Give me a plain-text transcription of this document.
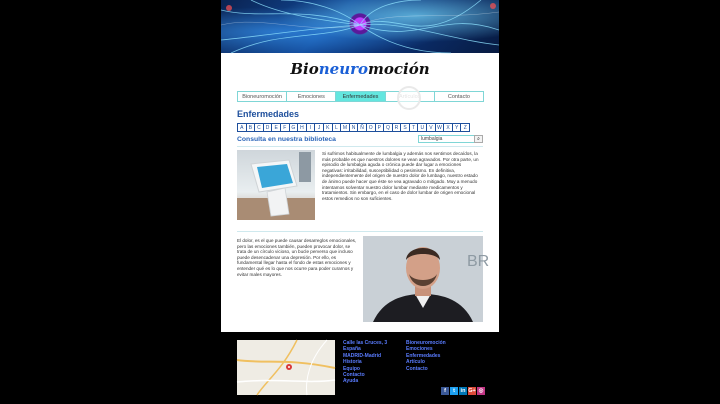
Bioneuromoción
Bioneuromoción	Emociones	Enfermedades	Contacto
Enfermedades
A	B	C D	E	F	G H	I	J	K	L	M N Ñ O P Q R	S	T	U	V W X	Y	Z
Consulta en nuestra biblioteca	lumbalgia	⌕
Si sufrimos habitualmente de lumbalgia y además nos sentimos decaídos, la más probable es que nuestros dolores se vean agravados. Por otra parte, un episodio de lumbalgia aguda o crónica puede dar lugar a emociones negativas: irritabilidad, susceptibilidad o pesimismo. En definitiva, independientemente del origen de nuestro dolor de lumbago, nuestro estado de ánimo puede hacer que éste se vea agravado o mitigado. Muy a menudo intentamos solventar nuestro dolor lumbar mediante medicamentos y tratamientos. Sin embargo, en el caso de dolor lumbar de origen emocional estos remedios no son suficientes.
El dolor, es el que puede causar desarreglos emocionales, pero las emociones también, pueden provocar dolor, se trata de un círculo vicioso, un bucle perverso que incluso puede desencadenar una depresión. Por ello, es fundamental llegar hasta el fondo de estas emociones y entender qué es lo que nos ocurre para poder curarnos y evitar males mayores.
BR
Calle las Cruces, 3
España
MADRID-Madrid
Historia
Equipo
Contacto
Ayuda
Bioneuromoción
Emociones
Enfermedades
Artículo
Contacto
f	t	in G+ ◎
